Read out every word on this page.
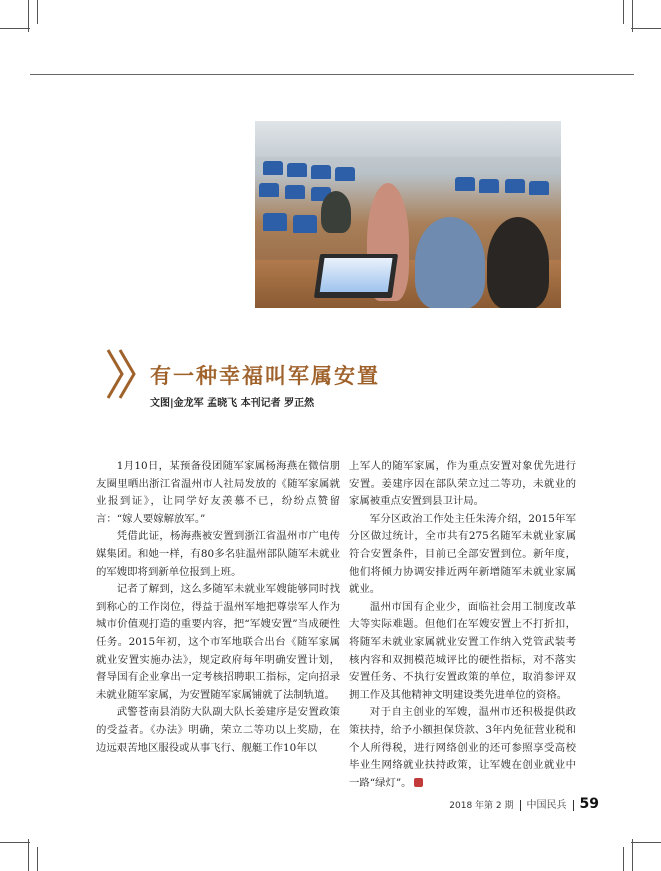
有一种幸福叫军属安置

文图|金龙军 孟晓飞 本刊记者 罗正然

1月10日，某预备役团随军家属杨海燕在微信朋友圈里晒出浙江省温州市人社局发放的《随军家属就业报到证》，让同学好友羡慕不已，纷纷点赞留言：“嫁人要嫁解放军。”

凭借此证，杨海燕被安置到浙江省温州市广电传媒集团。和她一样，有80多名驻温州部队随军未就业的军嫂即将到新单位报到上班。

记者了解到，这么多随军未就业军嫂能够同时找到称心的工作岗位，得益于温州军地把尊崇军人作为城市价值观打造的重要内容，把“军嫂安置”当成硬性任务。2015年初，这个市军地联合出台《随军家属就业安置实施办法》，规定政府每年明确安置计划，督导国有企业拿出一定考核招聘职工指标，定向招录未就业随军家属，为安置随军家属铺就了法制轨道。

武警苍南县消防大队副大队长姜建序是安置政策的受益者。《办法》明确，荣立二等功以上奖励，在边远艰苦地区服役或从事飞行、舰艇工作10年以

上军人的随军家属，作为重点安置对象优先进行安置。姜建序因在部队荣立过二等功，未就业的家属被重点安置到县卫计局。

军分区政治工作处主任朱涛介绍，2015年军分区做过统计，全市共有275名随军未就业家属符合安置条件，目前已全部安置到位。新年度，他们将倾力协调安排近两年新增随军未就业家属就业。

温州市国有企业少，面临社会用工制度改革大等实际难题。但他们在军嫂安置上不打折扣，将随军未就业家属就业安置工作纳入党管武装考核内容和双拥模范城评比的硬性指标，对不落实安置任务、不执行安置政策的单位，取消参评双拥工作及其他精神文明建设类先进单位的资格。

对于自主创业的军嫂，温州市还积极提供政策扶持，给予小额担保贷款、3年内免征营业税和个人所得税，进行网络创业的还可参照享受高校毕业生网络就业扶持政策，让军嫂在创业就业中一路“绿灯”。

2018 年第 2 期 中国民兵 59
